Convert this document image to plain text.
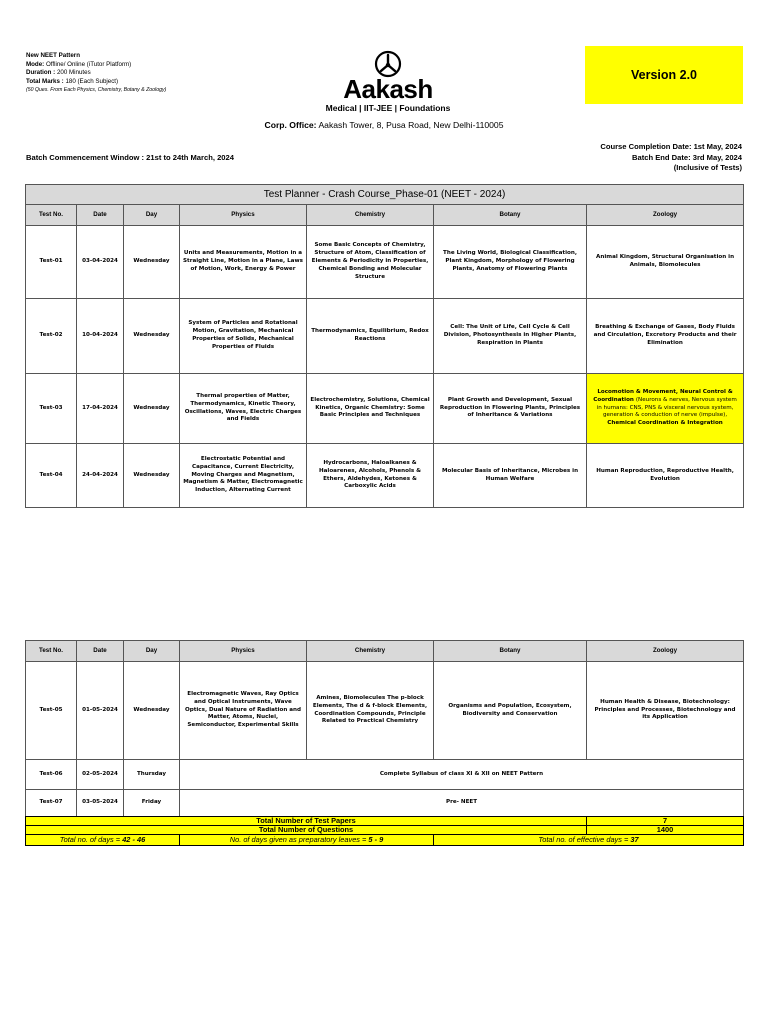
New NEET Pattern
Mode: Offline/ Online (iTutor Platform)
Duration : 200 Minutes
Total Marks : 180 (Each Subject)
(50 Ques. From Each Physics, Chemistry, Botany & Zoology)	Aakash
Medical | IIT-JEE | Foundations
Version 2.0
Corp. Office: Aakash Tower, 8, Pusa Road, New Delhi-110005
Batch Commencement Window : 21st to 24th March, 2024
Course Completion Date: 1st May, 2024
Batch End Date: 3rd May, 2024
(Inclusive of Tests)
Test Planner - Crash Course_Phase-01 (NEET - 2024)						
Test No.	Date	Day	Physics	Chemistry	Botany	Zoology
Test-01	03-04-2024	Wednesday	Units and Measurements, Motion in a Straight Line, Motion in a Plane, Laws of Motion, Work, Energy & Power	Some Basic Concepts of Chemistry, Structure of Atom, Classification of Elements & Periodicity in Properties, Chemical Bonding and Molecular Structure	The Living World, Biological Classification, Plant Kingdom, Morphology of Flowering Plants, Anatomy of Flowering Plants	Animal Kingdom, Structural Organisation in Animals, Biomolecules
Test-02	10-04-2024	Wednesday	System of Particles and Rotational Motion, Gravitation, Mechanical Properties of Solids, Mechanical Properties of Fluids	Thermodynamics, Equilibrium, Redox Reactions	Cell: The Unit of Life, Cell Cycle & Cell Division, Photosynthesis in Higher Plants, Respiration in Plants	Breathing & Exchange of Gases, Body Fluids and Circulation, Excretory Products and their Elimination
Test-03	17-04-2024	Wednesday	Thermal properties of Matter, Thermodynamics, Kinetic Theory, Oscillations, Waves, Electric Charges and Fields	Electrochemistry, Solutions, Chemical Kinetics, Organic Chemistry: Some Basic Principles and Techniques	Plant Growth and Development, Sexual Reproduction in Flowering Plants, Principles of Inheritance & Variations	Locomotion & Movement, Neural Control & Coordination (Neurons & nerves, Nervous system in humans: CNS, PNS & visceral nervous system, generation & conduction of nerve (impulse), Chemical Coordination & Integration
Test-04	24-04-2024	Wednesday	Electrostatic Potential and Capacitance, Current Electricity, Moving Charges and Magnetism, Magnetism & Matter, Electromagnetic Induction, Alternating Current	Hydrocarbons, Haloalkanes & Haloarenes, Alcohols, Phenols & Ethers, Aldehydes, Ketones & Carboxylic Acids	Molecular Basis of Inheritance, Microbes in Human Welfare	Human Reproduction, Reproductive Health, Evolution
Test No.	Date	Day	Physics	Chemistry	Botany	Zoology
Test-05	01-05-2024	Wednesday	Electromagnetic Waves, Ray Optics and Optical Instruments, Wave Optics, Dual Nature of Radiation and Matter, Atoms, Nuclei, Semiconductor, Experimental Skills	Amines, Biomolecules The p-block Elements, The d & f-block Elements, Coordination Compounds, Principle Related to Practical Chemistry	Organisms and Population, Ecosystem, Biodiversity and Conservation	Human Health & Disease, Biotechnology: Principles and Processes, Biotechnology and its Application
Test-06	02-05-2024	Thursday	Complete Syllabus of class XI & XII on NEET Pattern			
Test-07	03-05-2024	Friday	Pre- NEET			
Total Number of Test Papers			7
Total Number of Questions			1400
Total no. of days = 42 - 46	No. of days given as preparatory leaves = 5 - 9	Total no. of effective days = 37	
